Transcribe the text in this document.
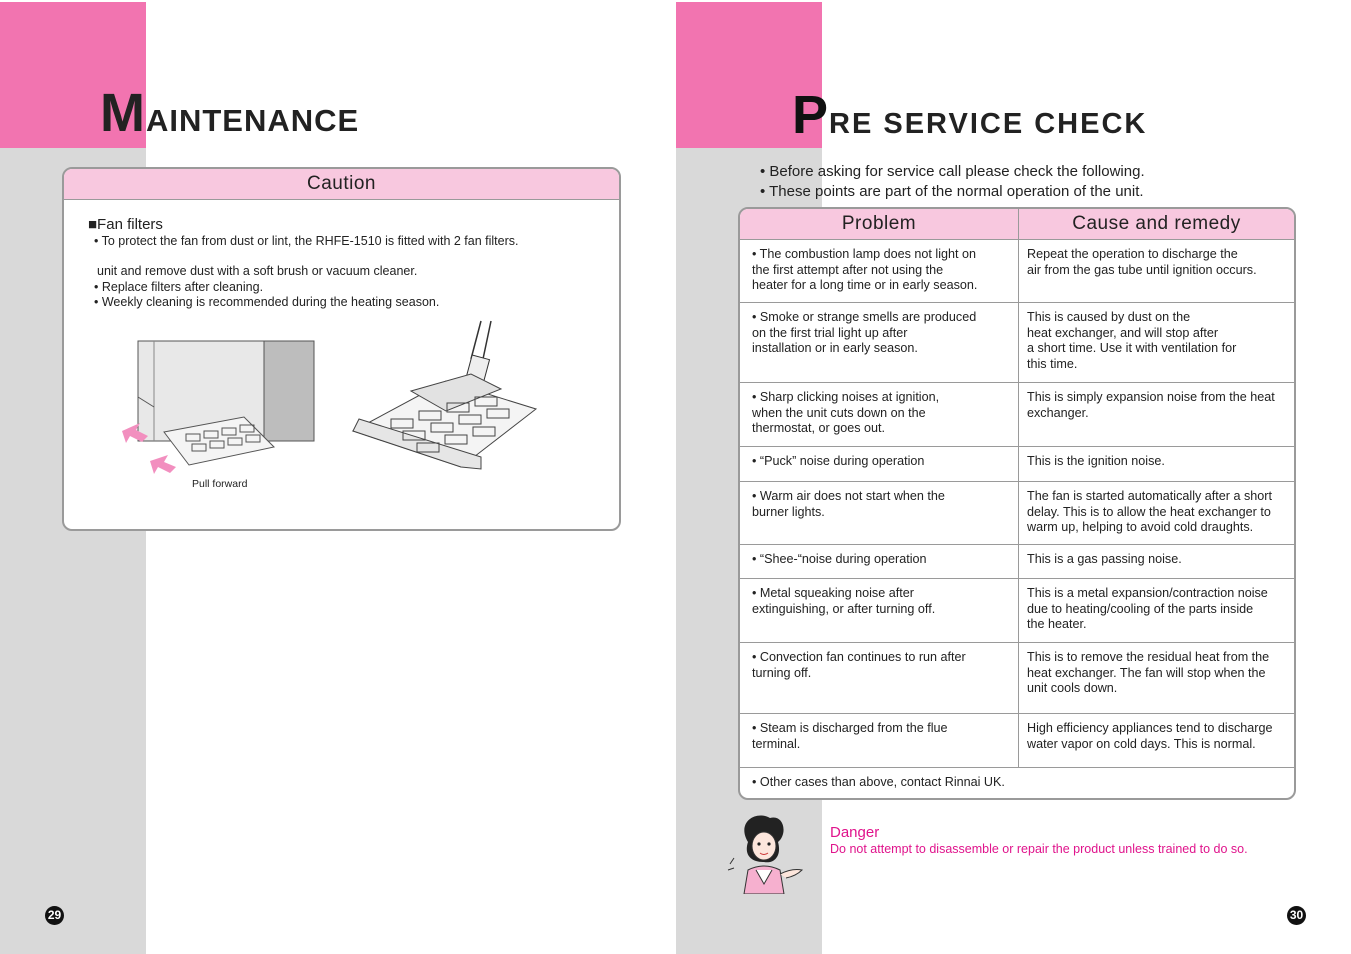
MAINTENANCE
Caution
■Fan filters
• To protect the fan from dust or lint, the RHFE-1510 is fitted with 2 fan filters.
unit and remove dust with a soft brush or vacuum cleaner.
• Replace filters after cleaning.
• Weekly cleaning is recommended during the heating season.
Pull forward
29
PRE SERVICE CHECK
• Before asking for service call please check the following.
• These points are part of the normal operation of the unit.
Problem	Cause and remedy
• The combustion lamp does not light on
the first attempt after not using the
heater for a long time or in early season.	Repeat the operation to discharge the
air from the gas tube until ignition occurs.
• Smoke or strange smells are produced
on the first trial light up after
installation or in early season.	This is caused by dust on the
heat exchanger, and will stop after
a short time. Use it with ventilation for
this time.
• Sharp clicking noises at ignition,
when the unit cuts down on the
thermostat, or goes out.	This is simply expansion noise from the heat
exchanger.
• “Puck” noise during operation	This is the ignition noise.
• Warm air does not start when the
burner lights.	The fan is started automatically after a short
delay. This is to allow the heat exchanger to
warm up, helping to avoid cold draughts.
• “Shee-“noise during operation	This is a gas passing noise.
• Metal squeaking noise after
extinguishing, or after turning off.	This is a metal expansion/contraction noise
due to heating/cooling of the parts inside
the heater.
• Convection fan continues to run after
turning off.	This is to remove the residual heat from the
heat exchanger. The fan will stop when the
unit cools down.
• Steam is discharged from the flue
terminal.	High efficiency appliances tend to discharge
water vapor on cold days. This is normal.
• Other cases than above, contact Rinnai UK.	
Danger
Do not attempt to disassemble or repair the product unless trained to do so.
30
